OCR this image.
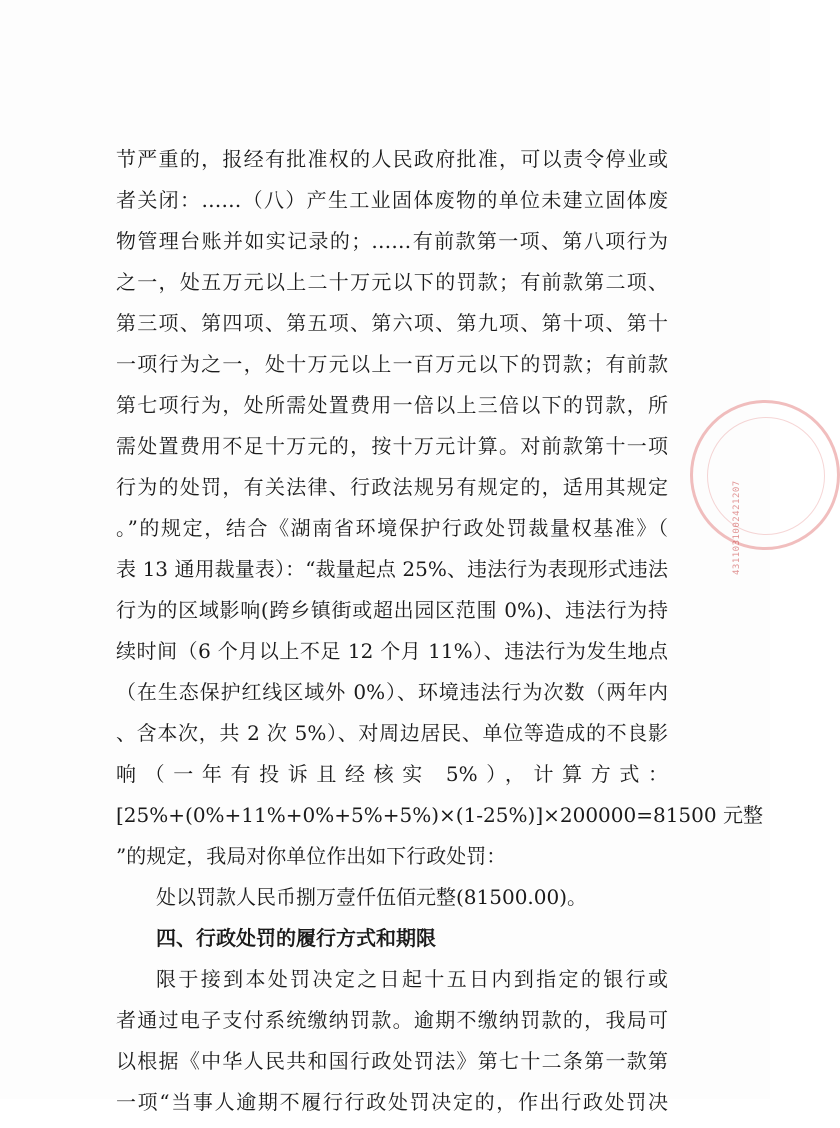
节严重的，报经有批准权的人民政府批准，可以责令停业或
者关闭：……（八）产生工业固体废物的单位未建立固体废
物管理台账并如实记录的；……有前款第一项、第八项行为
之一，处五万元以上二十万元以下的罚款；有前款第二项、
第三项、第四项、第五项、第六项、第九项、第十项、第十
一项行为之一，处十万元以上一百万元以下的罚款；有前款
第七项行为，处所需处置费用一倍以上三倍以下的罚款，所
需处置费用不足十万元的，按十万元计算。对前款第十一项
行为的处罚，有关法律、行政法规另有规定的，适用其规定
。”的规定，结合《湖南省环境保护行政处罚裁量权基准》（
表 13 通用裁量表）：“裁量起点 25%、违法行为表现形式违法
行为的区域影响(跨乡镇街或超出园区范围 0%)、违法行为持
续时间（6 个月以上不足 12 个月 11%）、违法行为发生地点
（在生态保护红线区域外 0%）、环境违法行为次数（两年内
、含本次，共 2 次 5%）、对周边居民、单位等造成的不良影
响（一年有投诉且经核实 5%），计算方式：
[25%+(0%+11%+0%+5%+5%)×(1-25%)]×200000=81500 元整
”的规定，我局对你单位作出如下行政处罚：
处以罚款人民币捌万壹仟伍佰元整(81500.00)。
四、行政处罚的履行方式和期限
限于接到本处罚决定之日起十五日内到指定的银行或
者通过电子支付系统缴纳罚款。逾期不缴纳罚款的，我局可
以根据《中华人民共和国行政处罚法》第七十二条第一款第
一项“当事人逾期不履行行政处罚决定的，作出行政处罚决
4311031002421207
